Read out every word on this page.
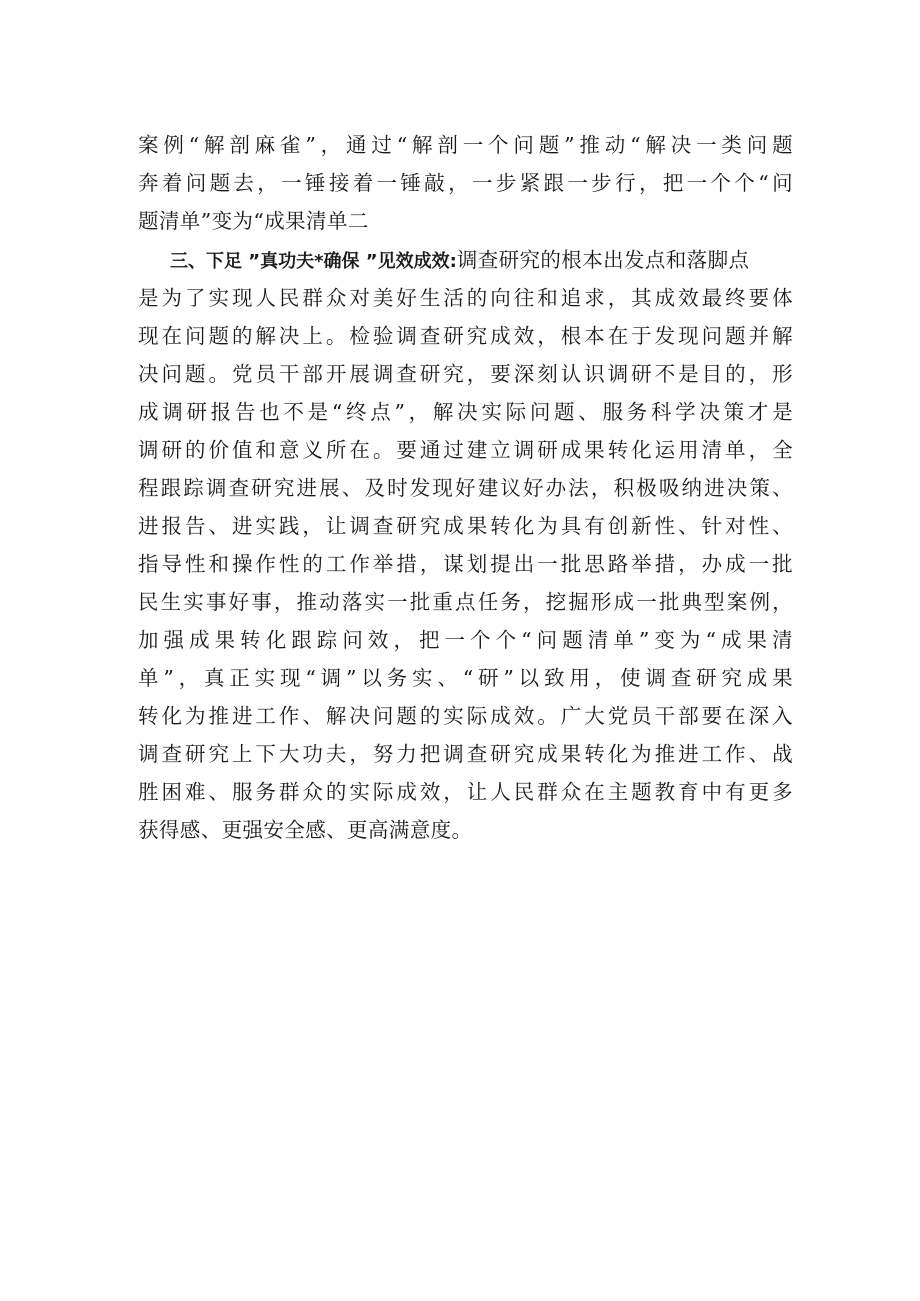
案例“解剖麻雀”，通过“解剖一个问题”推动“解决一类问题
奔着问题去，一锤接着一锤敲，一步紧跟一步行，把一个个“问
题清单”变为“成果清单二
三、下足 ”真功夫*确保 ”见效成效:调查研究的根本出发点和落脚点
是为了实现人民群众对美好生活的向往和追求，其成效最终要体
现在问题的解决上。检验调查研究成效，根本在于发现问题并解
决问题。党员干部开展调查研究，要深刻认识调研不是目的，形
成调研报告也不是“终点”，解决实际问题、服务科学决策才是
调研的价值和意义所在。要通过建立调研成果转化运用清单，全
程跟踪调查研究进展、及时发现好建议好办法，积极吸纳进决策、
进报告、进实践，让调查研究成果转化为具有创新性、针对性、
指导性和操作性的工作举措，谋划提出一批思路举措，办成一批
民生实事好事，推动落实一批重点任务，挖掘形成一批典型案例，
加强成果转化跟踪问效，把一个个“问题清单”变为“成果清
单”，真正实现“调”以务实、“研”以致用，使调查研究成果
转化为推进工作、解决问题的实际成效。广大党员干部要在深入
调查研究上下大功夫，努力把调查研究成果转化为推进工作、战
胜困难、服务群众的实际成效，让人民群众在主题教育中有更多
获得感、更强安全感、更高满意度。
